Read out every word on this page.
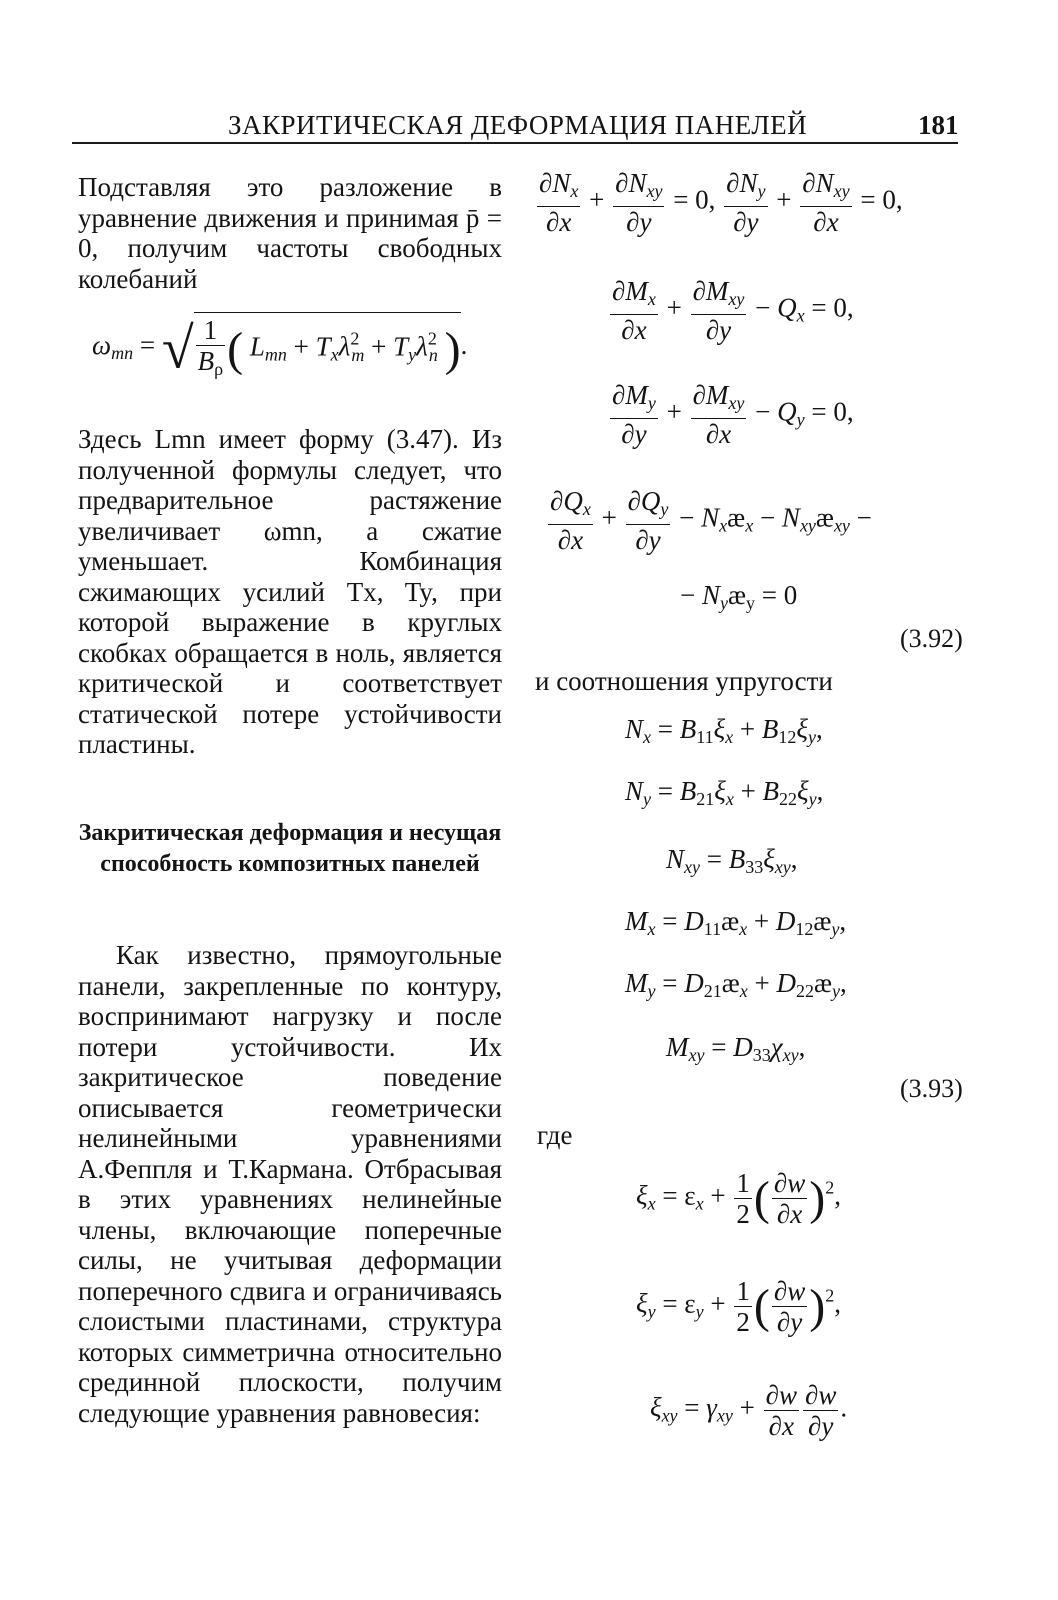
ЗАКРИТИЧЕСКАЯ ДЕФОРМАЦИЯ ПАНЕЛЕЙ	181

Подставляя это разложение в уравнение движения и принимая p̄ = 0, получим частоты свободных колебаний

$\omega_{mn}$ = √ $\frac{1}{B_\rho}$ ( $L_{mn} + T_x\lambda^2_m + T_y\lambda^2_n$ ).

Здесь Lmn имеет форму (3.47). Из полученной формулы следует, что предварительное растяжение увеличивает ωmn, а сжатие уменьшает. Комбинация сжимающих усилий Tx, Ty, при которой выражение в круглых скобках обращается в ноль, является критической и соответствует статической потере устойчивости пластины.

Закритическая деформация и несущая способность композитных панелей

Как известно, прямоугольные панели, закрепленные по контуру, воспринимают нагрузку и после потери устойчивости. Их закритическое поведение описывается геометрически нелинейными уравнениями А.Феппля и Т.Кармана. Отбрасывая в этих уравнениях нелинейные члены, включающие поперечные силы, не учитывая деформации поперечного сдвига и ограничиваясь слоистыми пластинами, структура которых симметрична относительно срединной плоскости, получим следующие уравнения равновесия:

$\frac{\partial N_x}{\partial x} + \frac{\partial N_{xy}}{\partial y} = 0$, $\frac{\partial N_y}{\partial y} + \frac{\partial N_{xy}}{\partial x} = 0$,
$\frac{\partial M_x}{\partial x} + \frac{\partial M_{xy}}{\partial y} - Q_x = 0$,
$\frac{\partial M_y}{\partial y} + \frac{\partial M_{xy}}{\partial x} - Q_y = 0$,
$\frac{\partial Q_x}{\partial x} + \frac{\partial Q_y}{\partial y}$ − $N_xæ_x$ − $N_{xy}æ_{xy}$ −
− $N_yæ_y = 0$
(3.92)
и соотношения упругости
$N_x = B_{11}\xi_x + B_{12}\xi_y$,
$N_y = B_{21}\xi_x + B_{22}\xi_y$,
$N_{xy} = B_{33}\xi_{xy}$,
$M_x$ = $D_{11}æ_x$ + $D_{12}æ_y$,
$M_y$ = $D_{21}æ_x$ + $D_{22}æ_y$,
$M_{xy} = D_{33}\chi_{xy}$,
(3.93)
где
$\xi_x = \varepsilon_x + \frac{1}{2}$ ( $\frac{\partial w}{\partial x} )^2$,
$\xi_y = \varepsilon_y + \frac{1}{2}$ ( $\frac{\partial w}{\partial y} )^2$,
$\xi_{xy} = \gamma_{xy} + \frac{\partial w}{\partial x} \frac{\partial w}{\partial y}$ .
